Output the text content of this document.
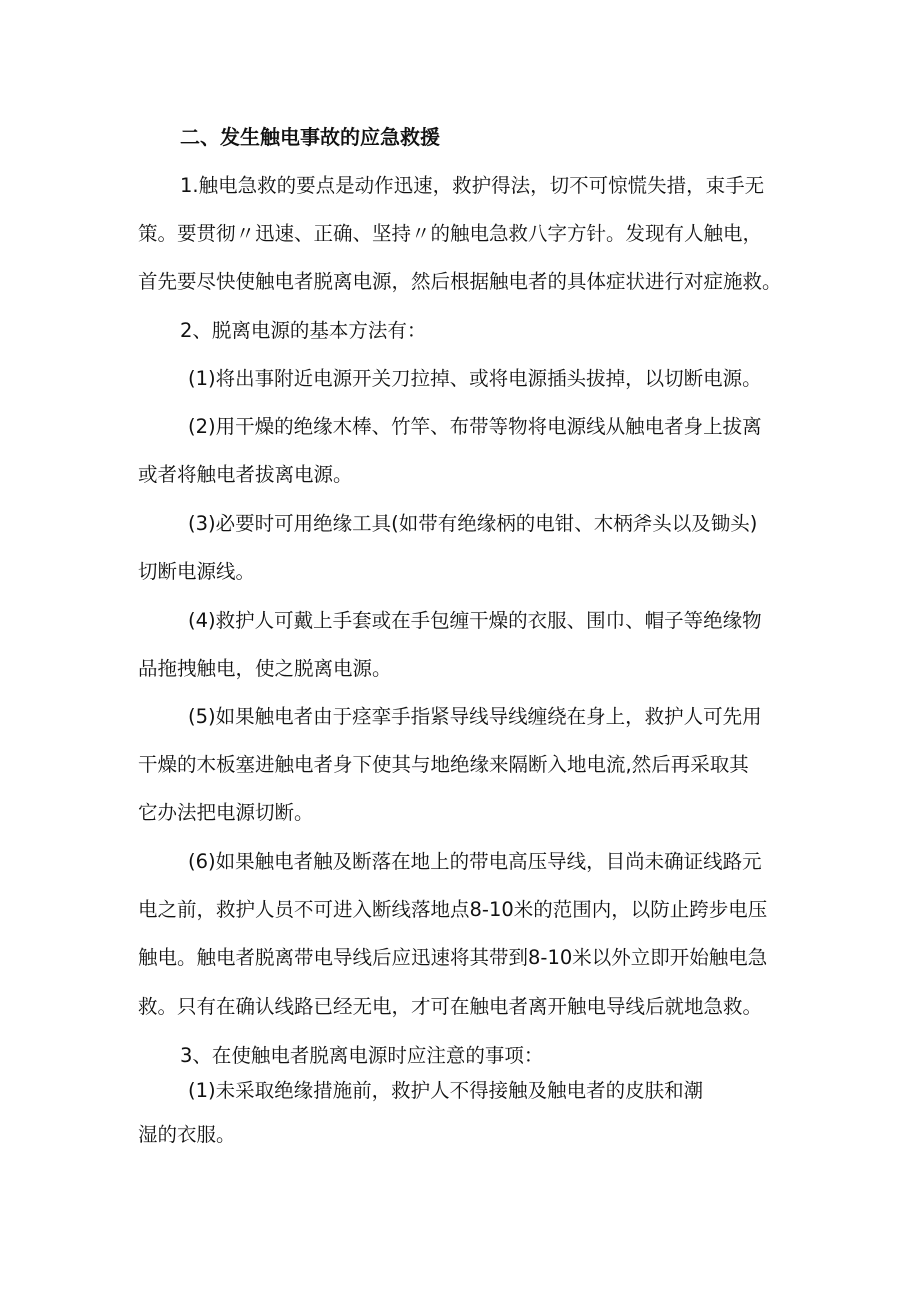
二、发生触电事故的应急救援
1.触电急救的要点是动作迅速，救护得法，切不可惊慌失措，束手无
策。要贯彻〃迅速、正确、坚持〃的触电急救八字方针。发现有人触电，
首先要尽快使触电者脱离电源，然后根据触电者的具体症状进行对症施救。
2、脱离电源的基本方法有：
(1)将出事附近电源开关刀拉掉、或将电源插头拔掉，以切断电源。
(2)用干燥的绝缘木棒、竹竿、布带等物将电源线从触电者身上拔离
或者将触电者拔离电源。
(3)必要时可用绝缘工具(如带有绝缘柄的电钳、木柄斧头以及锄头)
切断电源线。
(4)救护人可戴上手套或在手包缠干燥的衣服、围巾、帽子等绝缘物
品拖拽触电，使之脱离电源。
(5)如果触电者由于痉挛手指紧导线导线缠绕在身上，救护人可先用
干燥的木板塞进触电者身下使其与地绝缘来隔断入地电流,然后再采取其
它办法把电源切断。
(6)如果触电者触及断落在地上的带电高压导线，目尚未确证线路元
电之前，救护人员不可进入断线落地点8-10米的范围内，以防止跨步电压
触电。触电者脱离带电导线后应迅速将其带到8-10米以外立即开始触电急
救。只有在确认线路已经无电，才可在触电者离开触电导线后就地急救。
3、在使触电者脱离电源时应注意的事项：
(1)未采取绝缘措施前，救护人不得接触及触电者的皮肤和潮
湿的衣服。
